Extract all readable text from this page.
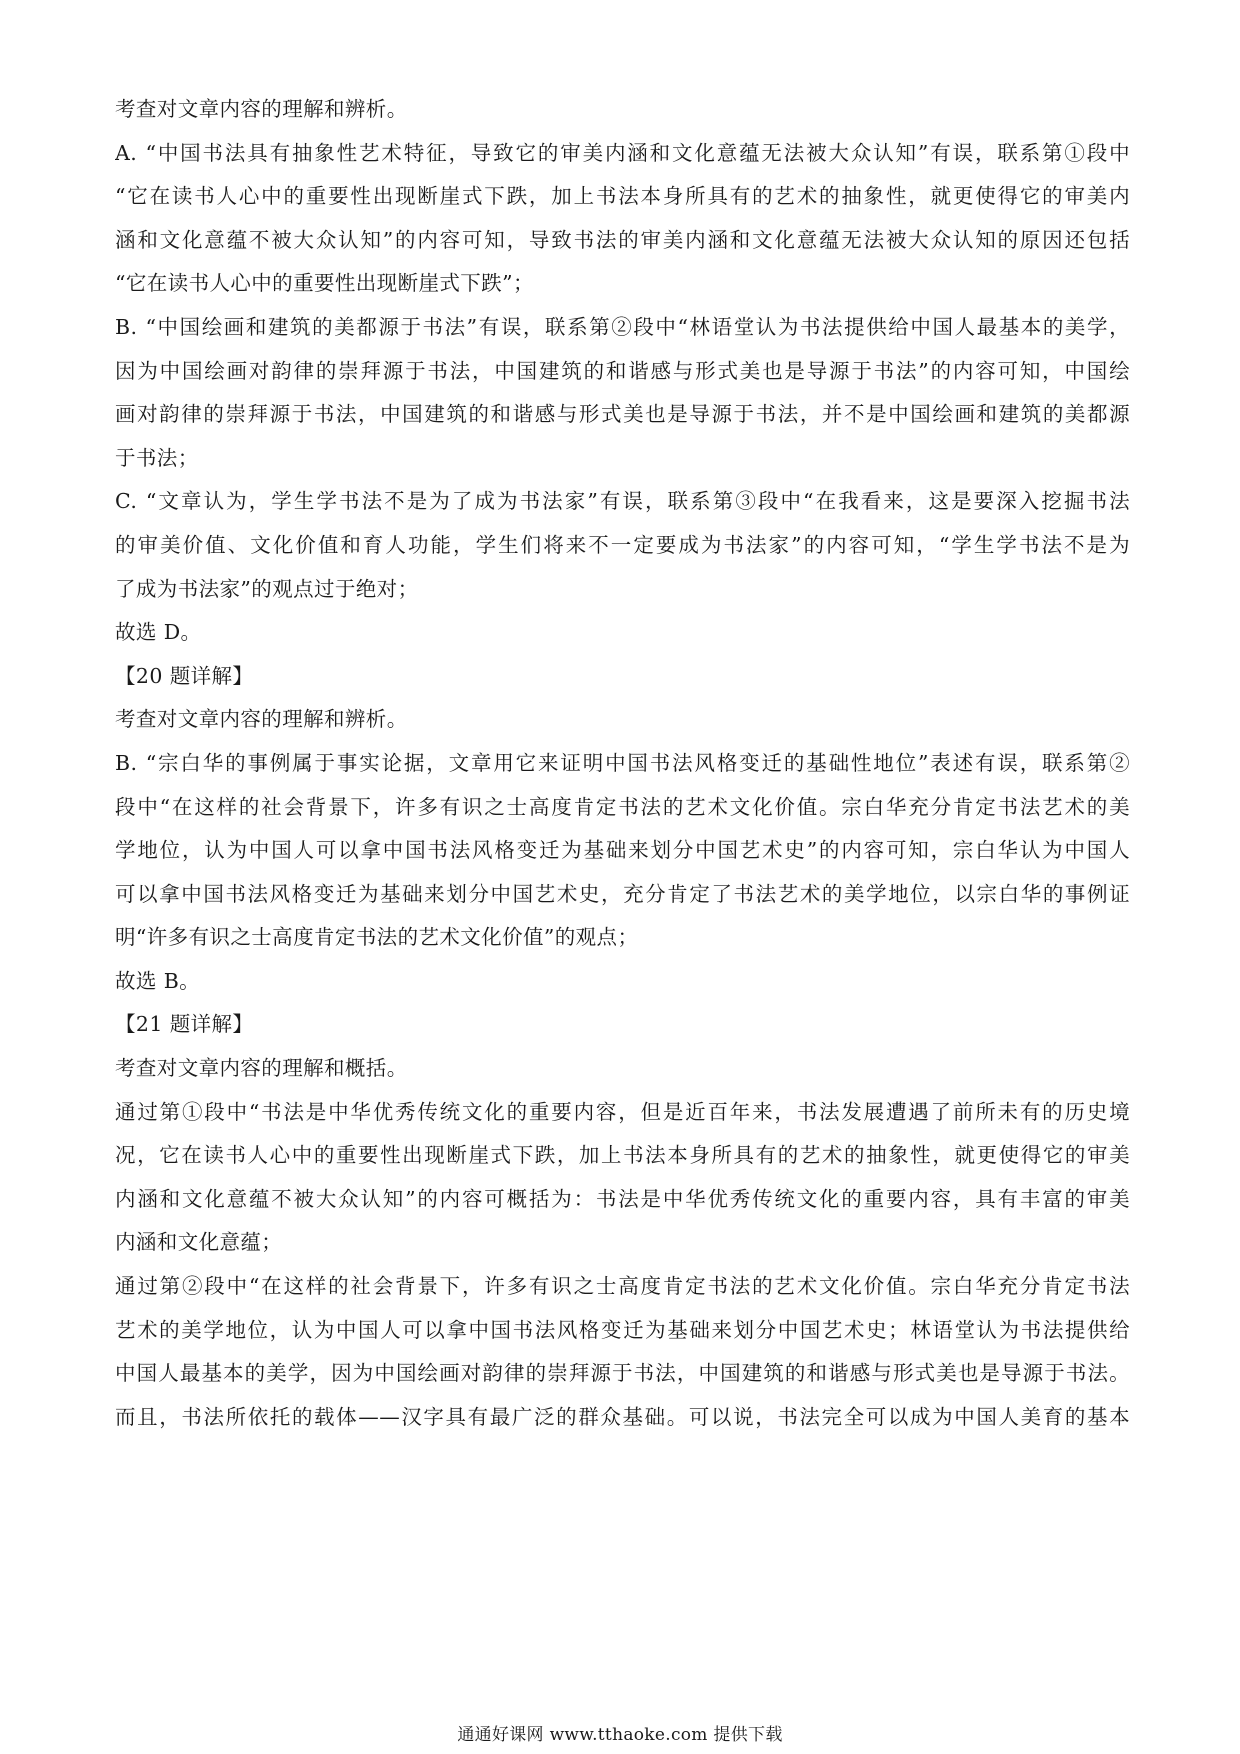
考查对文章内容的理解和辨析。
A. “中国书法具有抽象性艺术特征，导致它的审美内涵和文化意蕴无法被大众认知”有误，联系第①段中
“它在读书人心中的重要性出现断崖式下跌，加上书法本身所具有的艺术的抽象性，就更使得它的审美内
涵和文化意蕴不被大众认知”的内容可知，导致书法的审美内涵和文化意蕴无法被大众认知的原因还包括
“它在读书人心中的重要性出现断崖式下跌”；
B. “中国绘画和建筑的美都源于书法”有误，联系第②段中“林语堂认为书法提供给中国人最基本的美学，
因为中国绘画对韵律的崇拜源于书法，中国建筑的和谐感与形式美也是导源于书法”的内容可知，中国绘
画对韵律的崇拜源于书法，中国建筑的和谐感与形式美也是导源于书法，并不是中国绘画和建筑的美都源
于书法；
C. “文章认为，学生学书法不是为了成为书法家”有误，联系第③段中“在我看来，这是要深入挖掘书法
的审美价值、文化价值和育人功能，学生们将来不一定要成为书法家”的内容可知，“学生学书法不是为
了成为书法家”的观点过于绝对；
故选 D。
【20 题详解】
考查对文章内容的理解和辨析。
B. “宗白华的事例属于事实论据，文章用它来证明中国书法风格变迁的基础性地位”表述有误，联系第②
段中“在这样的社会背景下，许多有识之士高度肯定书法的艺术文化价值。宗白华充分肯定书法艺术的美
学地位，认为中国人可以拿中国书法风格变迁为基础来划分中国艺术史”的内容可知，宗白华认为中国人
可以拿中国书法风格变迁为基础来划分中国艺术史，充分肯定了书法艺术的美学地位，以宗白华的事例证
明“许多有识之士高度肯定书法的艺术文化价值”的观点；
故选 B。
【21 题详解】
考查对文章内容的理解和概括。
通过第①段中“书法是中华优秀传统文化的重要内容，但是近百年来，书法发展遭遇了前所未有的历史境
况，它在读书人心中的重要性出现断崖式下跌，加上书法本身所具有的艺术的抽象性，就更使得它的审美
内涵和文化意蕴不被大众认知”的内容可概括为：书法是中华优秀传统文化的重要内容，具有丰富的审美
内涵和文化意蕴；
通过第②段中“在这样的社会背景下，许多有识之士高度肯定书法的艺术文化价值。宗白华充分肯定书法
艺术的美学地位，认为中国人可以拿中国书法风格变迁为基础来划分中国艺术史；林语堂认为书法提供给
中国人最基本的美学，因为中国绘画对韵律的崇拜源于书法，中国建筑的和谐感与形式美也是导源于书法。
而且，书法所依托的载体——汉字具有最广泛的群众基础。可以说，书法完全可以成为中国人美育的基本
通通好课网 www.tthaoke.com 提供下载
